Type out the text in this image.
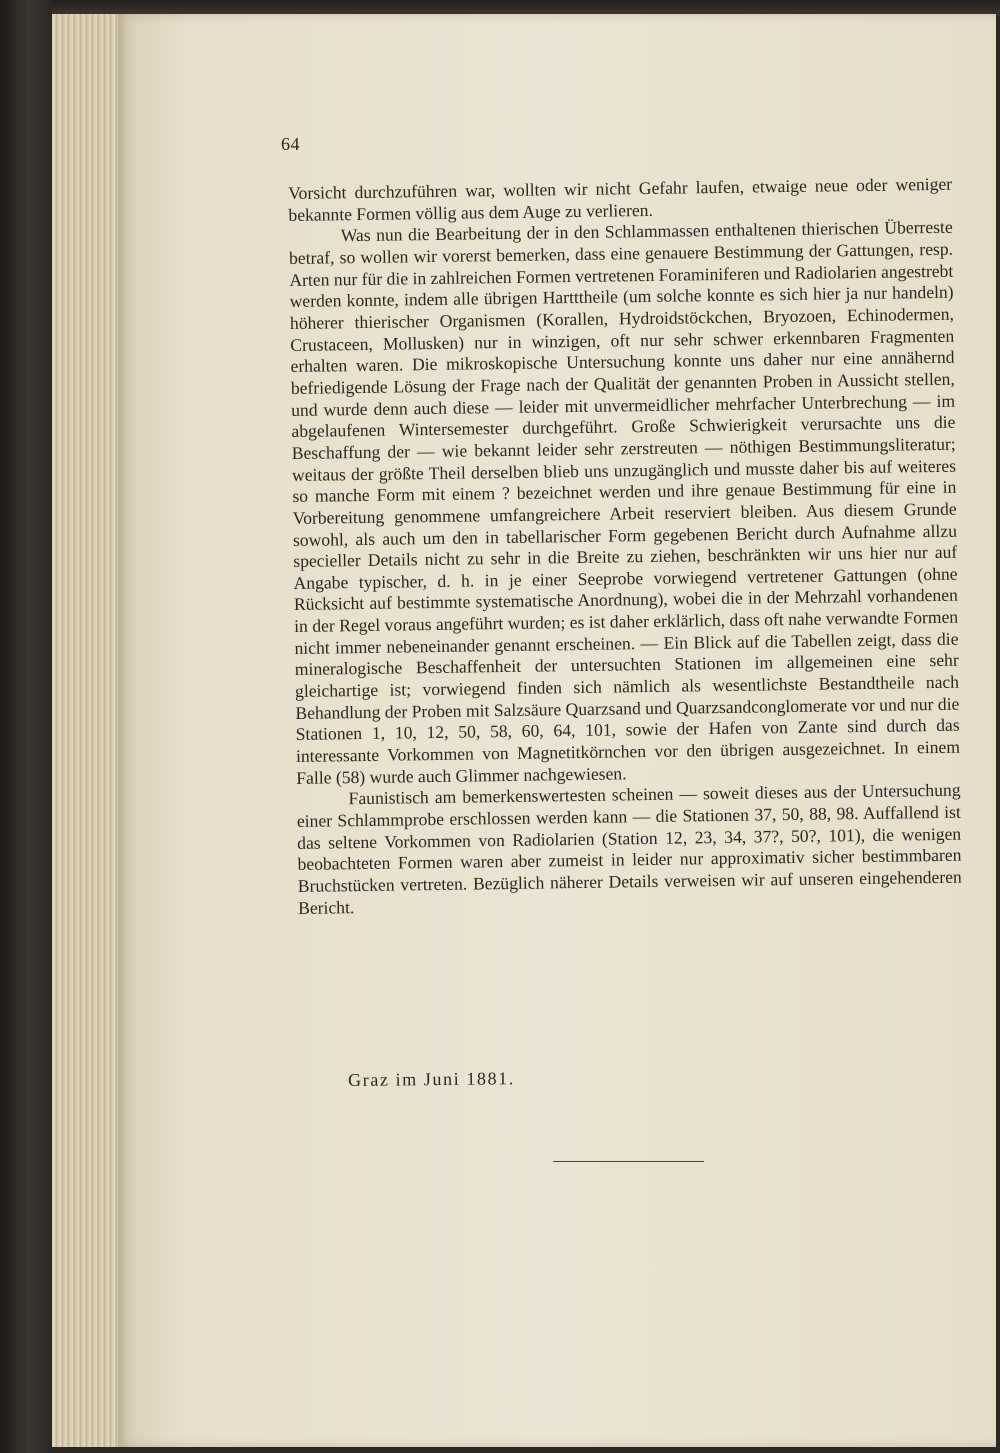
64

Vorsicht durchzuführen war, wollten wir nicht Gefahr laufen, etwaige neue oder weniger bekannte Formen völlig aus dem Auge zu verlieren.

Was nun die Bearbeitung der in den Schlammassen enthaltenen thierischen Überreste betraf, so wollen wir vorerst bemerken, dass eine genauere Bestimmung der Gattungen, resp. Arten nur für die in zahlreichen Formen vertretenen Foraminiferen und Radiolarien angestrebt werden konnte, indem alle übrigen Hartttheile (um solche konnte es sich hier ja nur handeln) höherer thierischer Organismen (Korallen, Hydroidstöckchen, Bryozoen, Echinodermen, Crustaceen, Mollusken) nur in winzigen, oft nur sehr schwer erkennbaren Fragmenten erhalten waren. Die mikroskopische Untersuchung konnte uns daher nur eine annähernd befriedigende Lösung der Frage nach der Qualität der genannten Proben in Aussicht stellen, und wurde denn auch diese — leider mit unvermeidlicher mehrfacher Unterbrechung — im abgelaufenen Wintersemester durchgeführt. Große Schwierigkeit verursachte uns die Beschaffung der — wie bekannt leider sehr zerstreuten — nöthigen Bestimmungsliteratur; weitaus der größte Theil derselben blieb uns unzugänglich und musste daher bis auf weiteres so manche Form mit einem ? bezeichnet werden und ihre genaue Bestimmung für eine in Vorbereitung genommene umfangreichere Arbeit reserviert bleiben. Aus diesem Grunde sowohl, als auch um den in tabellarischer Form gegebenen Bericht durch Aufnahme allzu specieller Details nicht zu sehr in die Breite zu ziehen, beschränkten wir uns hier nur auf Angabe typischer, d. h. in je einer Seeprobe vorwiegend vertretener Gattungen (ohne Rücksicht auf bestimmte systematische Anordnung), wobei die in der Mehrzahl vorhandenen in der Regel voraus angeführt wurden; es ist daher erklärlich, dass oft nahe verwandte Formen nicht immer nebeneinander genannt erscheinen. — Ein Blick auf die Tabellen zeigt, dass die mineralogische Beschaffenheit der untersuchten Stationen im allgemeinen eine sehr gleichartige ist; vorwiegend finden sich nämlich als wesentlichste Bestandtheile nach Behandlung der Proben mit Salzsäure Quarzsand und Quarzsandconglomerate vor und nur die Stationen 1, 10, 12, 50, 58, 60, 64, 101, sowie der Hafen von Zante sind durch das interessante Vorkommen von Magnetitkörnchen vor den übrigen ausgezeichnet. In einem Falle (58) wurde auch Glimmer nachgewiesen.

Faunistisch am bemerkenswertesten scheinen — soweit dieses aus der Untersuchung einer Schlammprobe erschlossen werden kann — die Stationen 37, 50, 88, 98. Auffallend ist das seltene Vorkommen von Radiolarien (Station 12, 23, 34, 37?, 50?, 101), die wenigen beobachteten Formen waren aber zumeist in leider nur approximativ sicher bestimmbaren Bruchstücken vertreten. Bezüglich näherer Details verweisen wir auf unseren eingehenderen Bericht.

Graz im Juni 1881.
